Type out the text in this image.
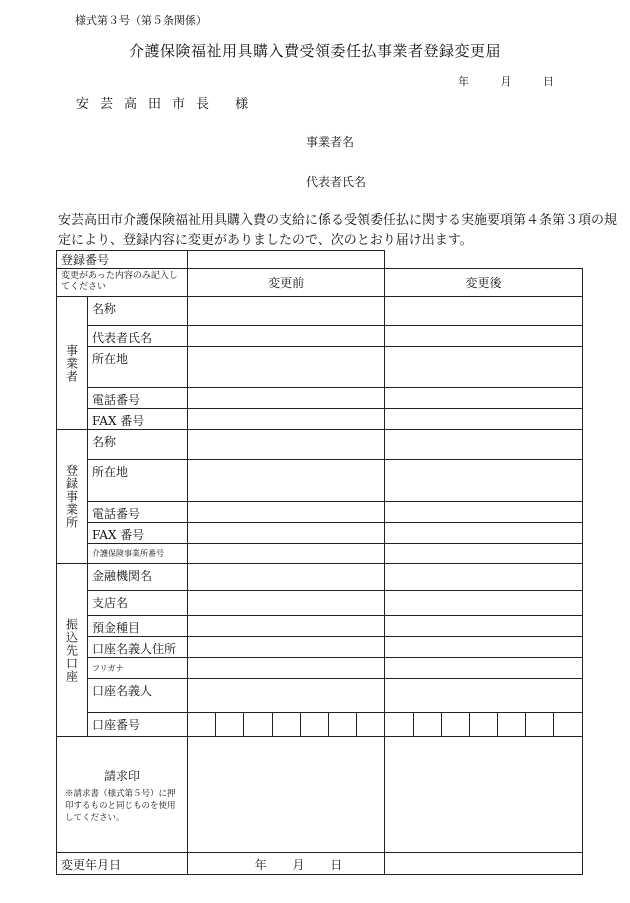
様式第３号（第５条関係）
介護保険福祉用具購入費受領委任払事業者登録変更届
年 月 日
安芸高田市長 様
事業者名
代表者氏名
安芸高田市介護保険福祉用具購入費の支給に係る受領委任払に関する実施要項第４条第３項の規定により、登録内容に変更がありましたので、次のとおり届け出ます。
登録番号															
変更があった内容のみ記入してください		変更前							変更後						

事業者	名称														
	代表者氏名														
	所在地														
	電話番号														
	FAX 番号														

登録事業所	名称														
	所在地														
	電話番号														
	FAX 番号														
	介護保険事業所番号														

振込先口座	金融機関名														
	支店名														
	預金種目														
	口座名義人住所														
	フリガナ														
	口座名義人														
	口座番号														

請求印
※請求書（様式第５号）に押印するものと同じものを使用してください。															

変更年月日		年 月 日													
